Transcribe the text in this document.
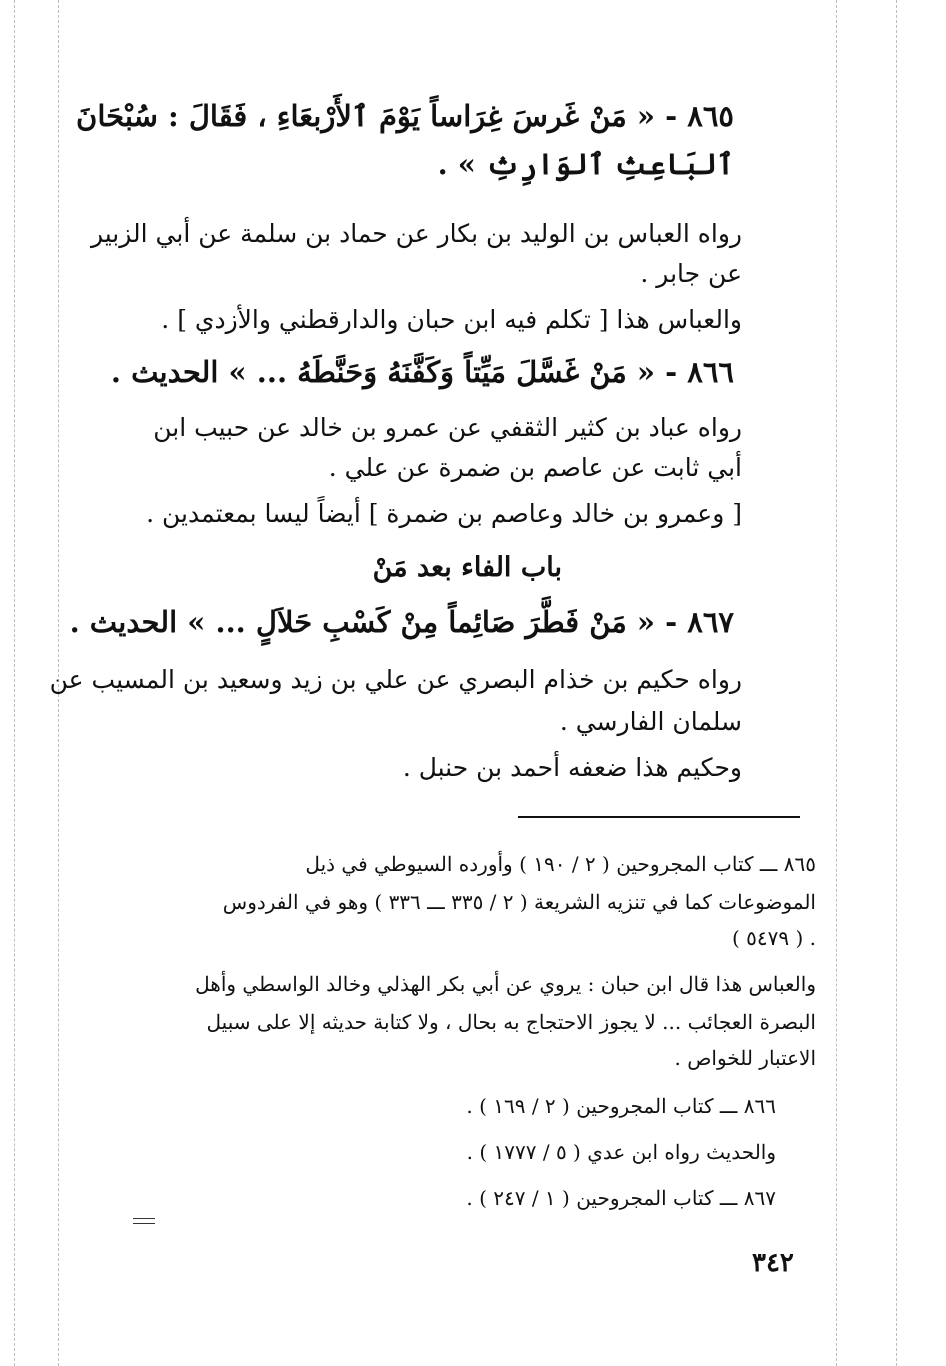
٨٦٥ - « مَنْ غَرسَ غِرَاساً يَوْمَ ٱلأَرْبعَاءِ ، فَقَالَ : سُبْحَانَ
ٱلبَاعِثِ ٱلوَارِثِ » .
رواه العباس بن الوليد بن بكار عن حماد بن سلمة عن أبي الزبير
عن جابر .
والعباس هذا [ تكلم فيه ابن حبان والدارقطني والأزدي ] .
٨٦٦ - « مَنْ غَسَّلَ مَيِّتاً وَكَفَّنَهُ وَحَنَّطَهُ ... » الحديث .
رواه عباد بن كثير الثقفي عن عمرو بن خالد عن حبيب ابن
أبي ثابت عن عاصم بن ضمرة عن علي .
[ وعمرو بن خالد وعاصم بن ضمرة ] أيضاً ليسا بمعتمدين .
باب الفاء بعد مَنْ
٨٦٧ - « مَنْ فَطَّرَ صَائِماً مِنْ كَسْبِ حَلاَلٍ ... » الحديث .
رواه حكيم بن خذام البصري عن علي بن زيد وسعيد بن المسيب عن
سلمان الفارسي .
وحكيم هذا ضعفه أحمد بن حنبل .
٨٦٥ ـــ كتاب المجروحين ( ٢ / ١٩٠ ) وأورده السيوطي في ذيل
الموضوعات كما في تنزيه الشريعة ( ٢ / ٣٣٥ ـــ ٣٣٦ ) وهو في الفردوس
( ٥٤٧٩ ) .
والعباس هذا قال ابن حبان : يروي عن أبي بكر الهذلي وخالد الواسطي وأهل
البصرة العجائب ... لا يجوز الاحتجاج به بحال ، ولا كتابة حديثه إلا على سبيل
الاعتبار للخواص .
٨٦٦ ـــ كتاب المجروحين ( ٢ / ١٦٩ ) .
والحديث رواه ابن عدي ( ٥ / ١٧٧٧ ) .
٨٦٧ ـــ كتاب المجروحين ( ١ / ٢٤٧ ) .
٣٤٢
